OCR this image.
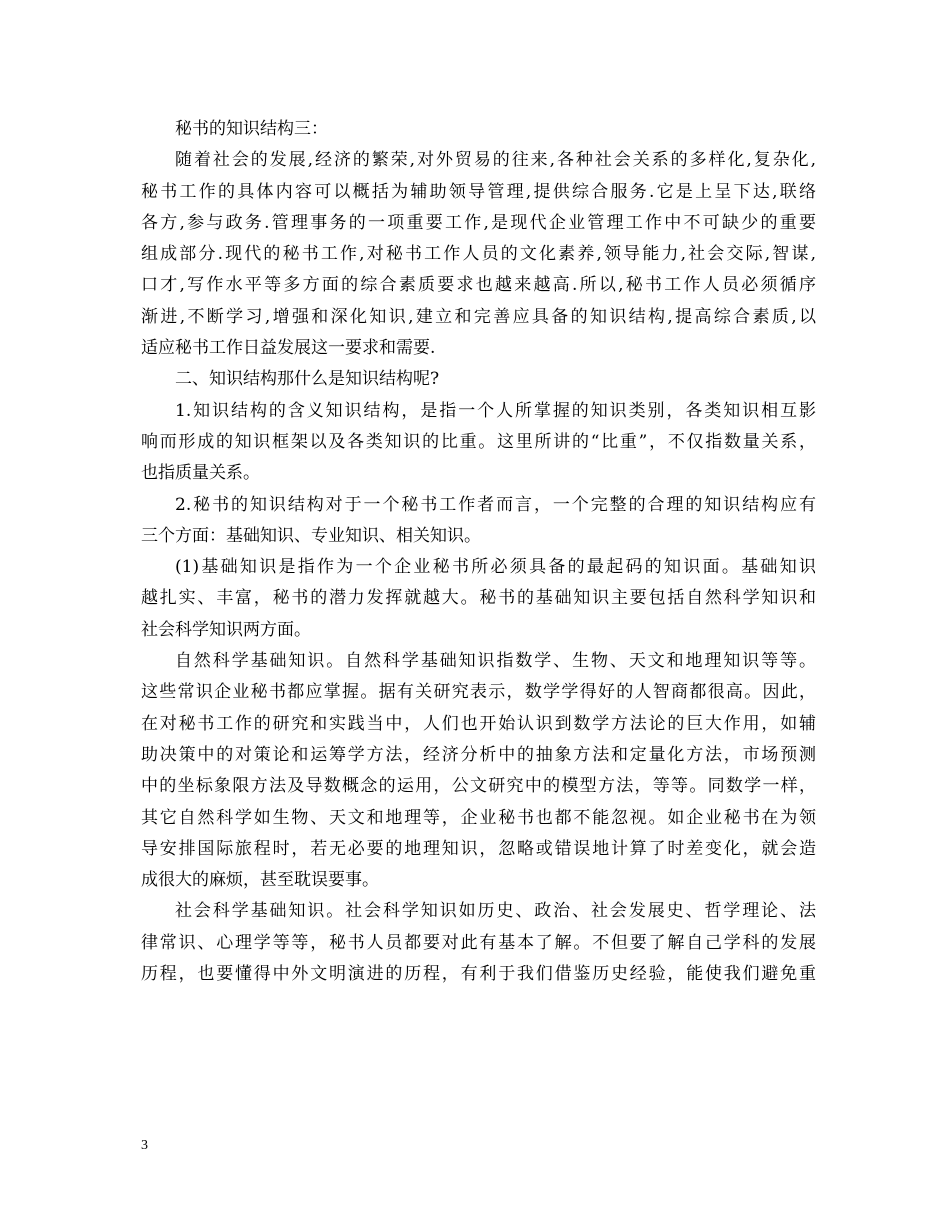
秘书的知识结构三：
随着社会的发展,经济的繁荣,对外贸易的往来,各种社会关系的多样化,复杂化,
秘书工作的具体内容可以概括为辅助领导管理,提供综合服务.它是上呈下达,联络
各方,参与政务.管理事务的一项重要工作,是现代企业管理工作中不可缺少的重要
组成部分.现代的秘书工作,对秘书工作人员的文化素养,领导能力,社会交际,智谋,
口才,写作水平等多方面的综合素质要求也越来越高.所以,秘书工作人员必须循序
渐进,不断学习,增强和深化知识,建立和完善应具备的知识结构,提高综合素质,以
适应秘书工作日益发展这一要求和需要.
二、知识结构那什么是知识结构呢?
1.知识结构的含义知识结构，是指一个人所掌握的知识类别，各类知识相互影
响而形成的知识框架以及各类知识的比重。这里所讲的“比重”，不仅指数量关系，
也指质量关系。
2.秘书的知识结构对于一个秘书工作者而言，一个完整的合理的知识结构应有
三个方面：基础知识、专业知识、相关知识。
(1)基础知识是指作为一个企业秘书所必须具备的最起码的知识面。基础知识
越扎实、丰富，秘书的潜力发挥就越大。秘书的基础知识主要包括自然科学知识和
社会科学知识两方面。
自然科学基础知识。自然科学基础知识指数学、生物、天文和地理知识等等。
这些常识企业秘书都应掌握。据有关研究表示，数学学得好的人智商都很高。因此，
在对秘书工作的研究和实践当中，人们也开始认识到数学方法论的巨大作用，如辅
助决策中的对策论和运筹学方法，经济分析中的抽象方法和定量化方法，市场预测
中的坐标象限方法及导数概念的运用，公文研究中的模型方法，等等。同数学一样，
其它自然科学如生物、天文和地理等，企业秘书也都不能忽视。如企业秘书在为领
导安排国际旅程时，若无必要的地理知识，忽略或错误地计算了时差变化，就会造
成很大的麻烦，甚至耽误要事。
社会科学基础知识。社会科学知识如历史、政治、社会发展史、哲学理论、法
律常识、心理学等等，秘书人员都要对此有基本了解。不但要了解自己学科的发展
历程，也要懂得中外文明演进的历程，有利于我们借鉴历史经验，能使我们避免重
3
